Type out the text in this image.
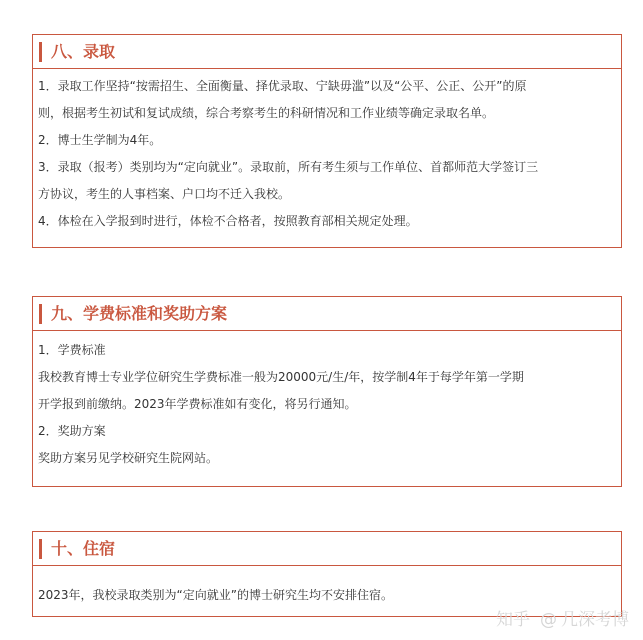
八、录取

1．录取工作坚持“按需招生、全面衡量、择优录取、宁缺毋滥”以及“公平、公正、公开”的原

则，根据考生初试和复试成绩，综合考察考生的科研情况和工作业绩等确定录取名单。

2．博士生学制为4年。

3．录取（报考）类别均为“定向就业”。录取前，所有考生须与工作单位、首都师范大学签订三

方协议，考生的人事档案、户口均不迁入我校。

4．体检在入学报到时进行，体检不合格者，按照教育部相关规定处理。

九、学费标准和奖助方案

1．学费标准

我校教育博士专业学位研究生学费标准一般为20000元/生/年，按学制4年于每学年第一学期

开学报到前缴纳。2023年学费标准如有变化，将另行通知。

2．奖助方案

奖助方案另见学校研究生院网站。

十、住宿

2023年，我校录取类别为“定向就业”的博士研究生均不安排住宿。

知乎 @ 几深考博
